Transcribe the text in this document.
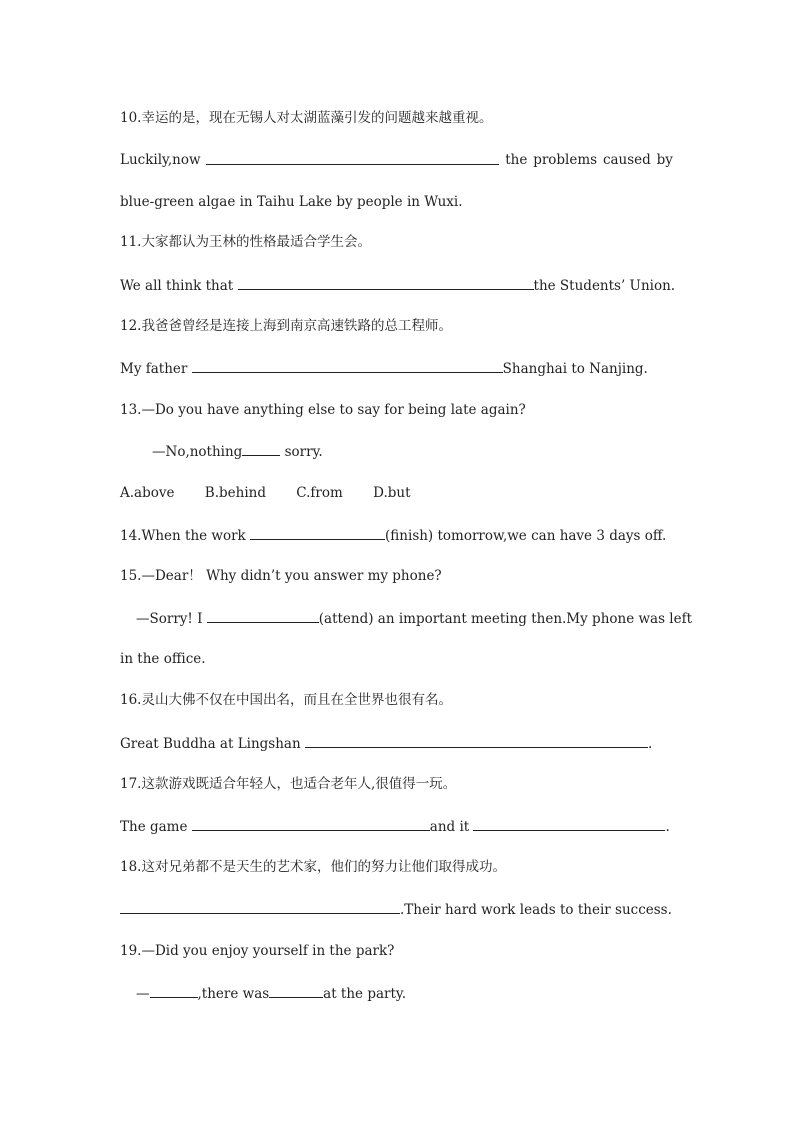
10.幸运的是，现在无锡人对太湖蓝藻引发的问题越来越重视。
Luckily,now	the problems caused by
blue-green algae in Taihu Lake by people in Wuxi.
11.大家都认为王林的性格最适合学生会。
We all think that	the Students’ Union.
12.我爸爸曾经是连接上海到南京高速铁路的总工程师。
My father	Shanghai to Nanjing.
13.—Do you have anything else to say for being late again?
—No,nothing	sorry.
A.above B.behind C.from D.but
14.When the work	(finish) tomorrow,we can have 3 days off.
15.—Dear！ Why didn’t you answer my phone?
—Sorry! I	(attend) an important meeting then.My phone was left
in the office.
16.灵山大佛不仅在中国出名，而且在全世界也很有名。
Great Buddha at Lingshan	.
17.这款游戏既适合年轻人，也适合老年人,很值得一玩。
The game	and it	.
18.这对兄弟都不是天生的艺术家，他们的努力让他们取得成功。
.Their hard work leads to their success.
19.—Did you enjoy yourself in the park?
—	,there was	at the party.
